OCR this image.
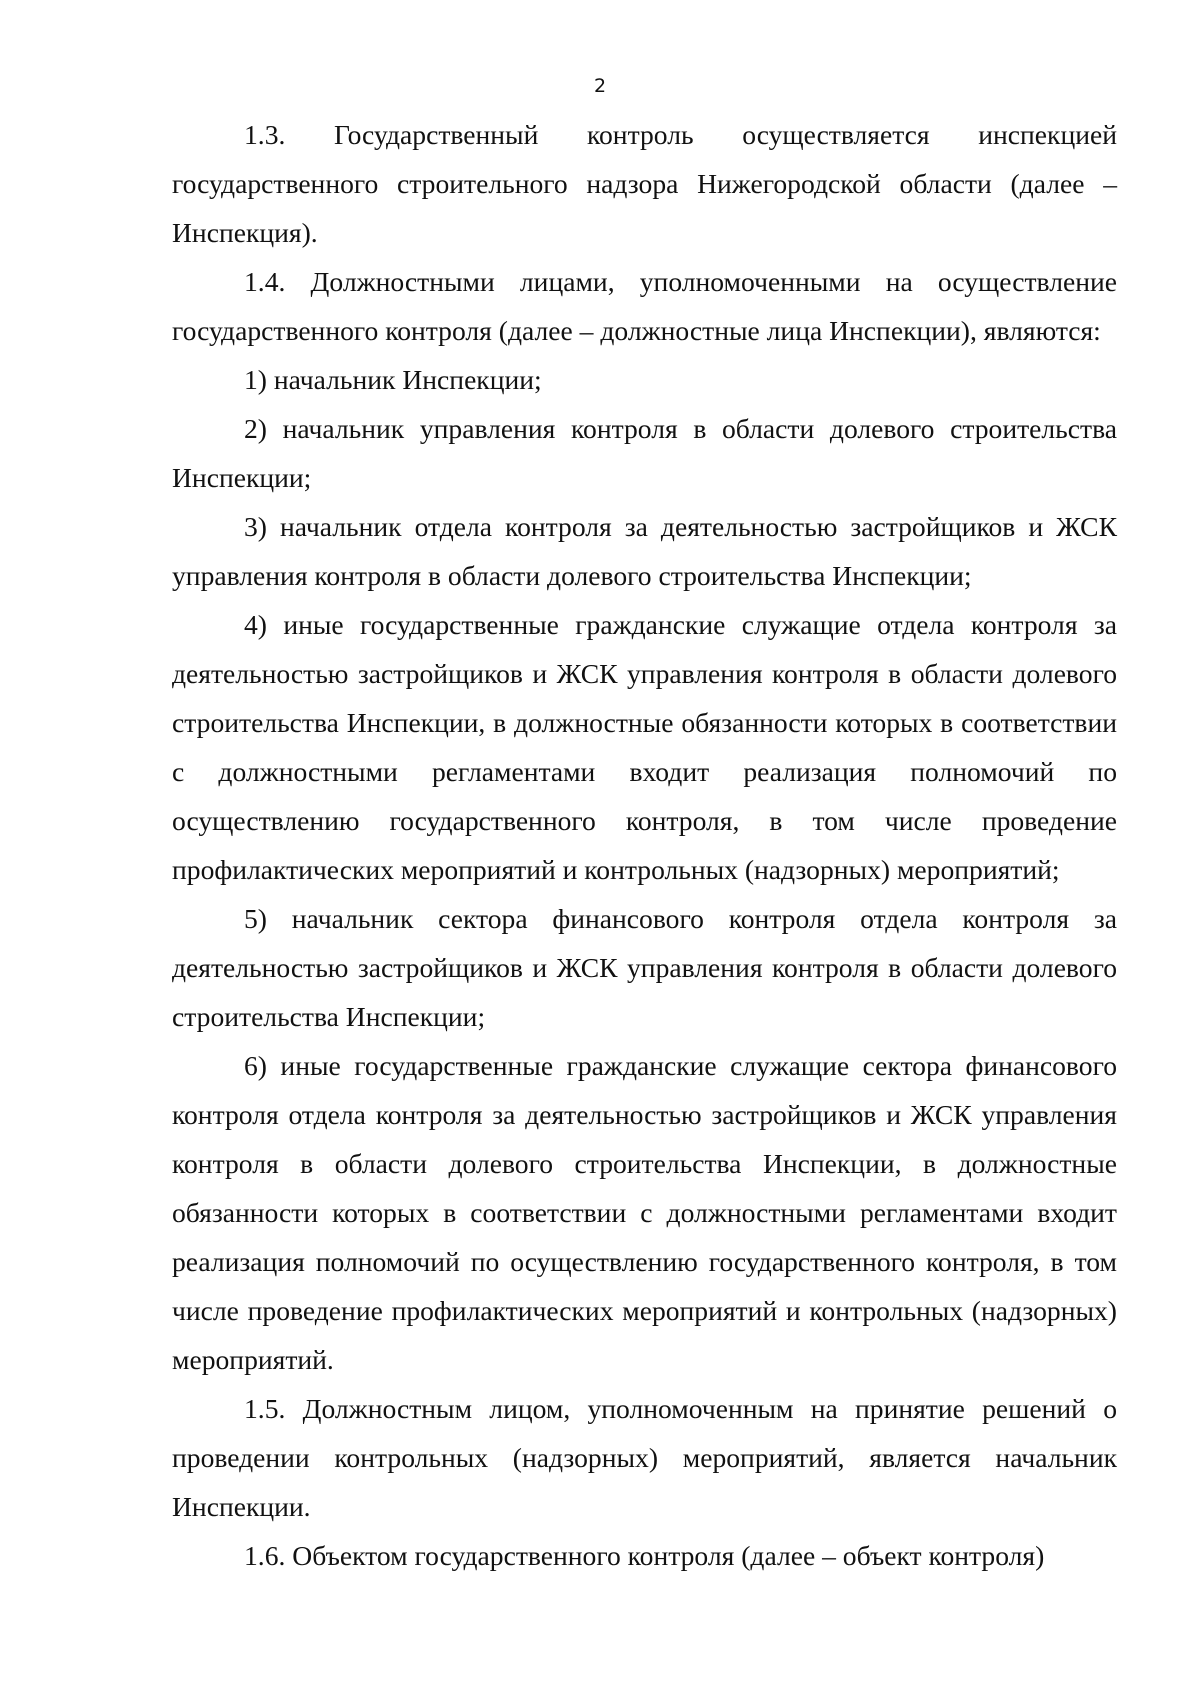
2

1.3. Государственный контроль осуществляется инспекцией государственного строительного надзора Нижегородской области (далее – Инспекция).

1.4. Должностными лицами, уполномоченными на осуществление государственного контроля (далее – должностные лица Инспекции), являются:

1) начальник Инспекции;

2) начальник управления контроля в области долевого строительства Инспекции;

3) начальник отдела контроля за деятельностью застройщиков и ЖСК управления контроля в области долевого строительства Инспекции;

4) иные государственные гражданские служащие отдела контроля за деятельностью застройщиков и ЖСК управления контроля в области долевого строительства Инспекции, в должностные обязанности которых в соответствии с должностными регламентами входит реализация полномочий по осуществлению государственного контроля, в том числе проведение профилактических мероприятий и контрольных (надзорных) мероприятий;

5) начальник сектора финансового контроля отдела контроля за деятельностью застройщиков и ЖСК управления контроля в области долевого строительства Инспекции;

6) иные государственные гражданские служащие сектора финансового контроля отдела контроля за деятельностью застройщиков и ЖСК управления контроля в области долевого строительства Инспекции, в должностные обязанности которых в соответствии с должностными регламентами входит реализация полномочий по осуществлению государственного контроля, в том числе проведение профилактических мероприятий и контрольных (надзорных) мероприятий.

1.5. Должностным лицом, уполномоченным на принятие решений о проведении контрольных (надзорных) мероприятий, является начальник Инспекции.

1.6. Объектом государственного контроля (далее – объект контроля)
